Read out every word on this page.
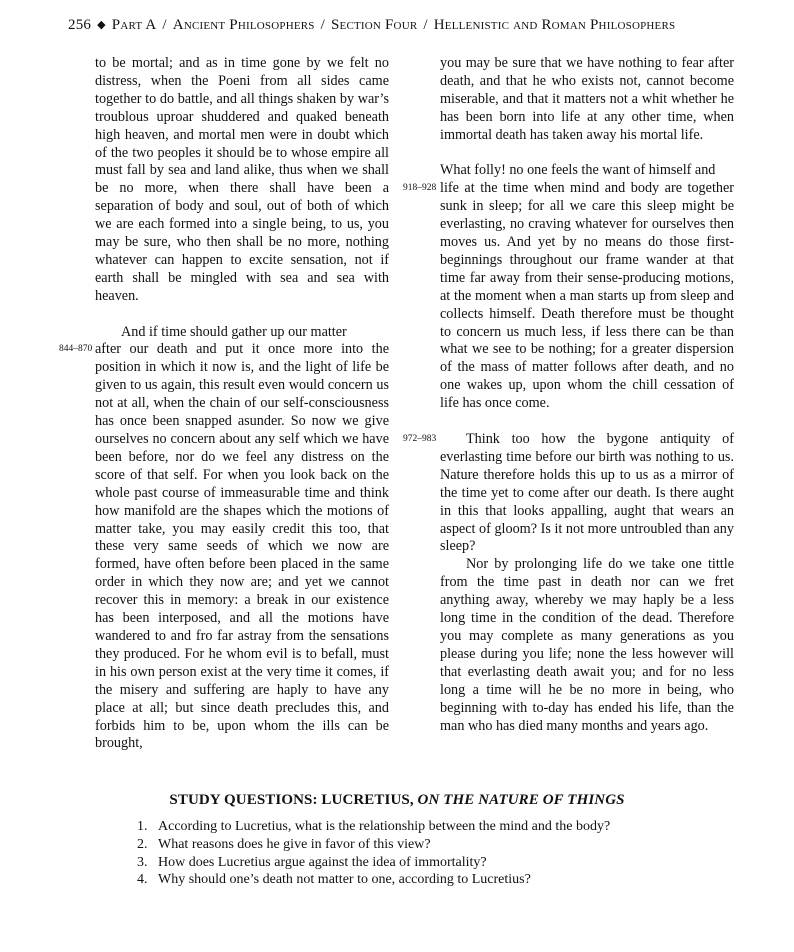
256 ◆ Part A / Ancient Philosophers / Section Four / Hellenistic and Roman Philosophers

to be mortal; and as in time gone by we felt no distress, when the Poeni from all sides came together to do battle, and all things shaken by war’s troublous uproar shuddered and quaked beneath high heaven, and mortal men were in doubt which of the two peoples it should be to whose empire all must fall by sea and land alike, thus when we shall be no more, when there shall have been a separation of body and soul, out of both of which we are each formed into a single being, to us, you may be sure, who then shall be no more, nothing whatever can happen to excite sensation, not if earth shall be mingled with sea and sea with heaven.

And if time should gather up our matter

844–870 after our death and put it once more into the position in which it now is, and the light of life be given to us again, this result even would concern us not at all, when the chain of our self-consciousness has once been snapped asunder. So now we give ourselves no concern about any self which we have been before, nor do we feel any distress on the score of that self. For when you look back on the whole past course of immeasurable time and think how manifold are the shapes which the motions of matter take, you may easily credit this too, that these very same seeds of which we now are formed, have often before been placed in the same order in which they now are; and yet we cannot recover this in memory: a break in our existence has been interposed, and all the motions have wandered to and fro far astray from the sensations they produced. For he whom evil is to befall, must in his own person exist at the very time it comes, if the misery and suffering are haply to have any place at all; but since death precludes this, and forbids him to be, upon whom the ills can be brought,

you may be sure that we have nothing to fear after death, and that he who exists not, cannot become miserable, and that it matters not a whit whether he has been born into life at any other time, when immortal death has taken away his mortal life.

What folly! no one feels the want of himself and

918–928 life at the time when mind and body are together sunk in sleep; for all we care this sleep might be everlasting, no craving whatever for ourselves then moves us. And yet by no means do those first-beginnings throughout our frame wander at that time far away from their sense-producing motions, at the moment when a man starts up from sleep and collects himself. Death therefore must be thought to concern us much less, if less there can be than what we see to be nothing; for a greater dispersion of the mass of matter follows after death, and no one wakes up, upon whom the chill cessation of life has once come.

972–983 Think too how the bygone antiquity of everlasting time before our birth was nothing to us. Nature therefore holds this up to us as a mirror of the time yet to come after our death. Is there aught in this that looks appalling, aught that wears an aspect of gloom? Is it not more untroubled than any sleep?

Nor by prolonging life do we take one tittle from the time past in death nor can we fret anything away, whereby we may haply be a less long time in the condition of the dead. Therefore you may complete as many generations as you please during you life; none the less however will that everlasting death await you; and for no less long a time will he be no more in being, who beginning with to-day has ended his life, than the man who has died many months and years ago.

STUDY QUESTIONS: LUCRETIUS, ON THE NATURE OF THINGS
1. According to Lucretius, what is the relationship between the mind and the body?
2. What reasons does he give in favor of this view?
3. How does Lucretius argue against the idea of immortality?
4. Why should one’s death not matter to one, according to Lucretius?
